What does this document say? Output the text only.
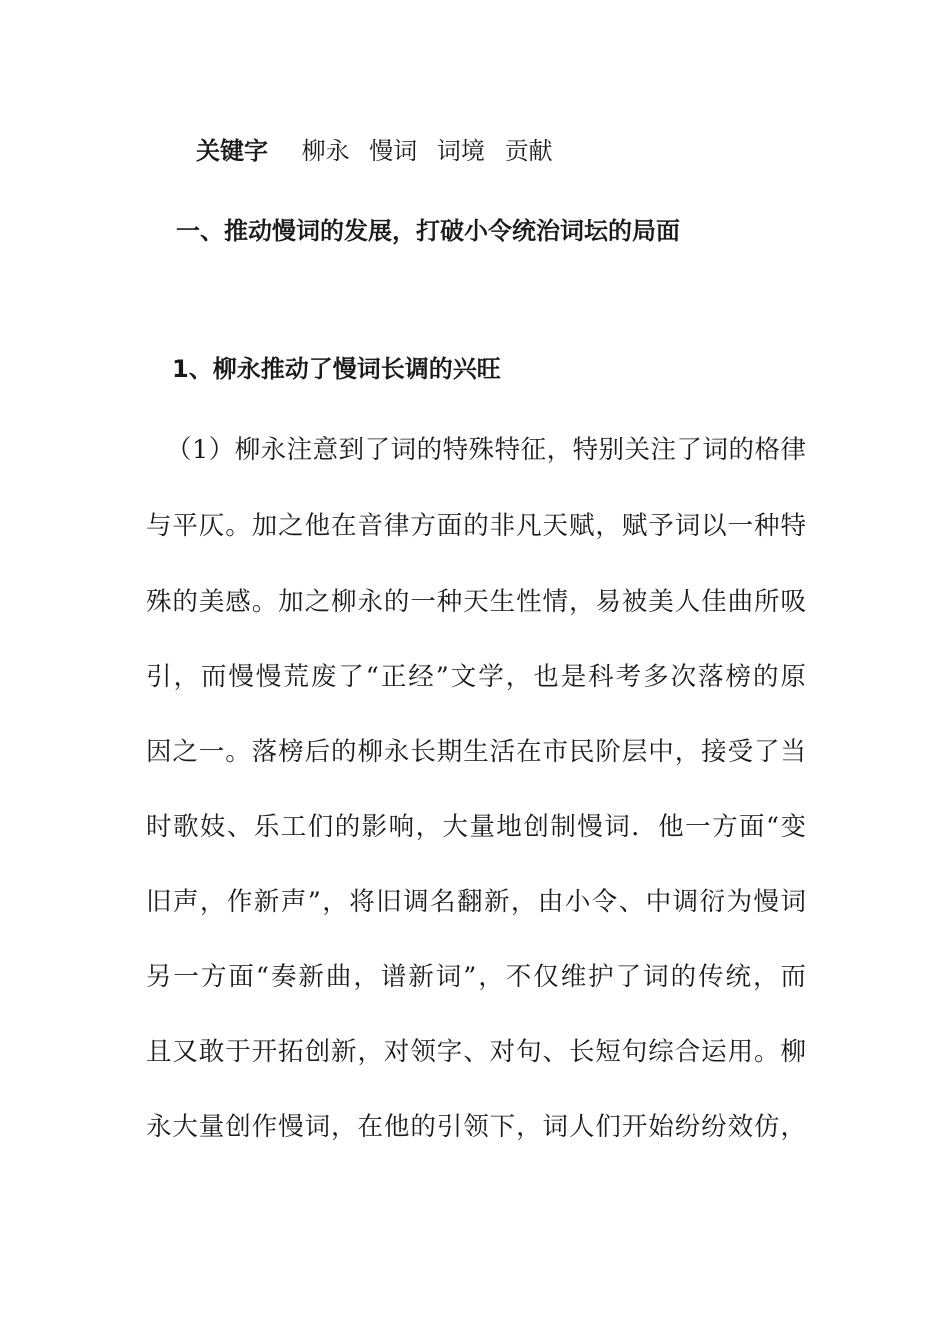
关键字 柳永 慢词 词境 贡献
一、推动慢词的发展，打破小令统治词坛的局面
1、柳永推动了慢词长调的兴旺
（1）柳永注意到了词的特殊特征，特别关注了词的格律
与平仄。加之他在音律方面的非凡天赋，赋予词以一种特
殊的美感。加之柳永的一种天生性情，易被美人佳曲所吸
引，而慢慢荒废了“正经”文学，也是科考多次落榜的原
因之一。落榜后的柳永长期生活在市民阶层中，接受了当
时歌妓、乐工们的影响，大量地创制慢词．他一方面“变
旧声，作新声”，将旧调名翻新，由小令、中调衍为慢词
另一方面“奏新曲，谱新词”，不仅维护了词的传统，而
且又敢于开拓创新，对领字、对句、长短句综合运用。柳
永大量创作慢词，在他的引领下，词人们开始纷纷效仿，
